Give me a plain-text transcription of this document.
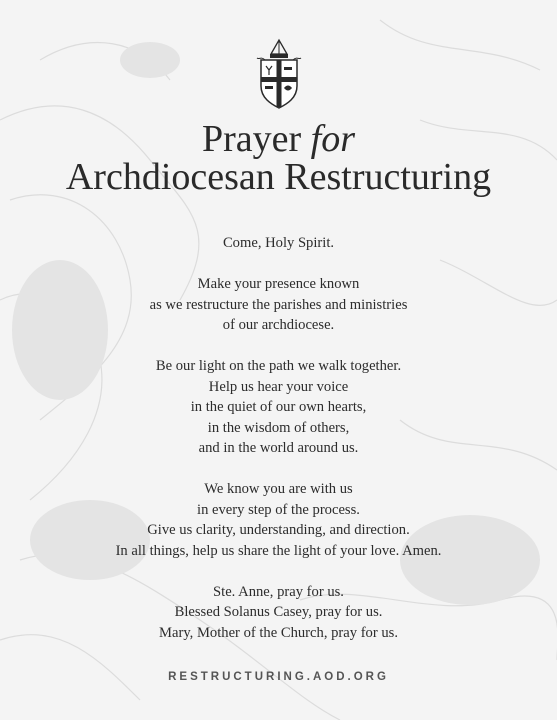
Prayer for
Archdiocesan Restructuring
Come, Holy Spirit.
Make your presence known
as we restructure the parishes and ministries
of our archdiocese.
Be our light on the path we walk together.
Help us hear your voice
in the quiet of our own hearts,
in the wisdom of others,
and in the world around us.
We know you are with us
in every step of the process.
Give us clarity, understanding, and direction.
In all things, help us share the light of your love. Amen.
Ste. Anne, pray for us.
Blessed Solanus Casey, pray for us.
Mary, Mother of the Church, pray for us.
RESTRUCTURING.AOD.ORG
